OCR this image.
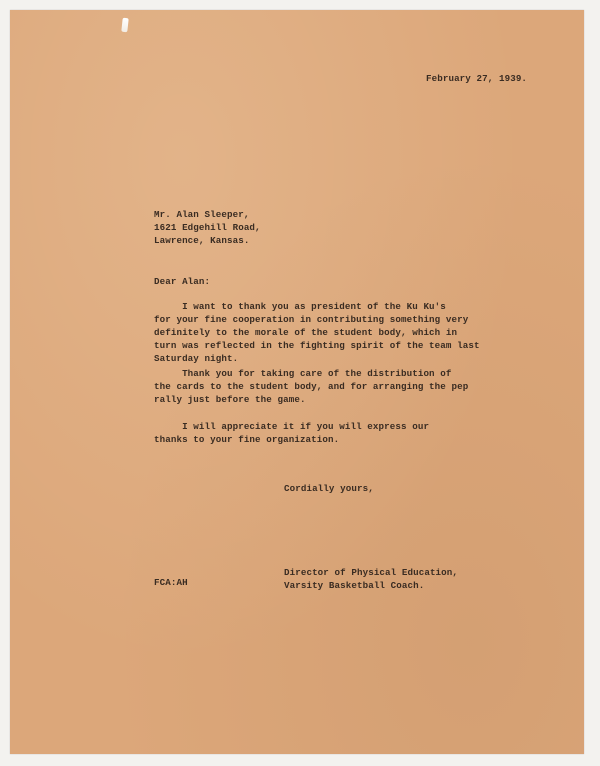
February 27, 1939.
Mr. Alan Sleeper,
1621 Edgehill Road,
Lawrence, Kansas.
Dear Alan:
I want to thank you as president of the Ku Ku's
for your fine cooperation in contributing something very
definitely to the morale of the student body, which in
turn was reflected in the fighting spirit of the team last
Saturday night.
Thank you for taking care of the distribution of
the cards to the student body, and for arranging the pep
rally just before the game.
I will appreciate it if you will express our
thanks to your fine organization.
Cordially yours,
Director of Physical Education,
Varsity Basketball Coach.
FCA:AH
